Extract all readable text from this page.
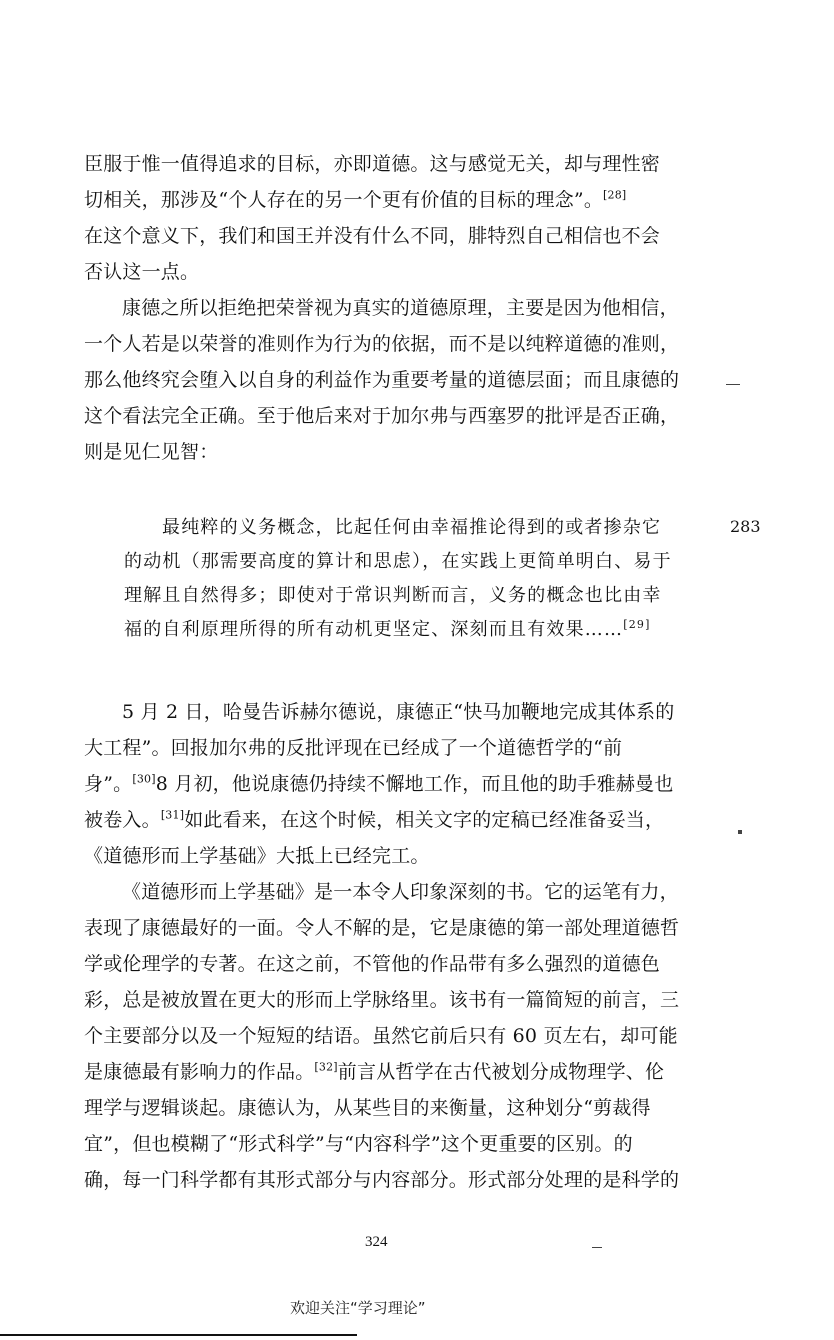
臣服于惟一值得追求的目标，亦即道德。这与感觉无关，却与理性密
切相关，那涉及“个人存在的另一个更有价值的目标的理念”。[28]
在这个意义下，我们和国王并没有什么不同，腓特烈自己相信也不会
否认这一点。
康德之所以拒绝把荣誉视为真实的道德原理，主要是因为他相信，
一个人若是以荣誉的准则作为行为的依据，而不是以纯粹道德的准则，
那么他终究会堕入以自身的利益作为重要考量的道德层面；而且康德的
这个看法完全正确。至于他后来对于加尔弗与西塞罗的批评是否正确，
则是见仁见智：
最纯粹的义务概念，比起任何由幸福推论得到的或者掺杂它
的动机（那需要高度的算计和思虑），在实践上更简单明白、易于
理解且自然得多；即使对于常识判断而言，义务的概念也比由幸
福的自利原理所得的所有动机更坚定、深刻而且有效果……[29]
5 月 2 日，哈曼告诉赫尔德说，康德正“快马加鞭地完成其体系的
大工程”。回报加尔弗的反批评现在已经成了一个道德哲学的“前
身”。[30]8 月初，他说康德仍持续不懈地工作，而且他的助手雅赫曼也
被卷入。[31]如此看来，在这个时候，相关文字的定稿已经准备妥当，
《道德形而上学基础》大抵上已经完工。
《道德形而上学基础》是一本令人印象深刻的书。它的运笔有力，
表现了康德最好的一面。令人不解的是，它是康德的第一部处理道德哲
学或伦理学的专著。在这之前，不管他的作品带有多么强烈的道德色
彩，总是被放置在更大的形而上学脉络里。该书有一篇简短的前言，三
个主要部分以及一个短短的结语。虽然它前后只有 60 页左右，却可能
是康德最有影响力的作品。[32]前言从哲学在古代被划分成物理学、伦
理学与逻辑谈起。康德认为，从某些目的来衡量，这种划分“剪裁得
宜”，但也模糊了“形式科学”与“内容科学”这个更重要的区别。的
确，每一门科学都有其形式部分与内容部分。形式部分处理的是科学的
283
324
欢迎关注“学习理论”
